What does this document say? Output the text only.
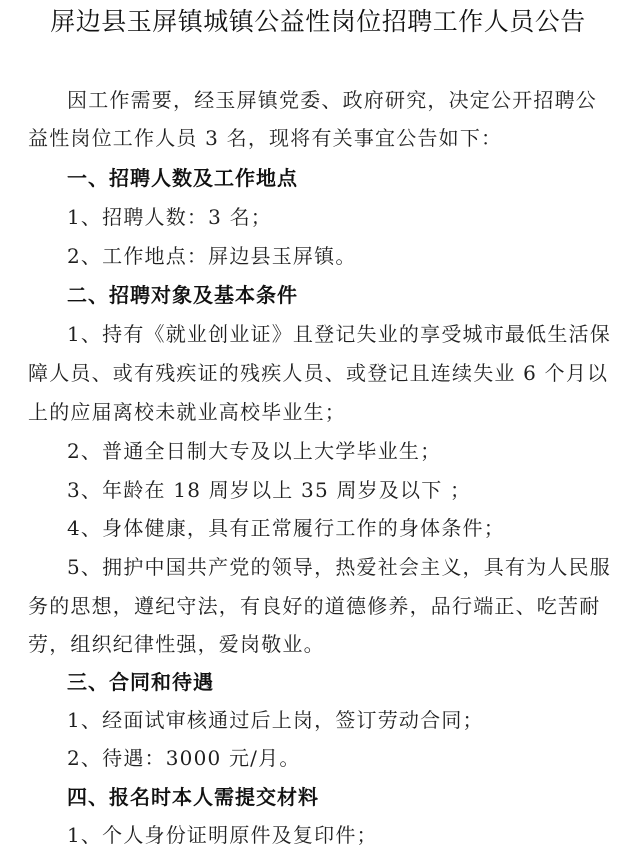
屏边县玉屏镇城镇公益性岗位招聘工作人员公告
因工作需要，经玉屏镇党委、政府研究，决定公开招聘公
益性岗位工作人员 3 名，现将有关事宜公告如下：
一、招聘人数及工作地点
1、招聘人数：3 名；
2、工作地点：屏边县玉屏镇。
二、招聘对象及基本条件
1、持有《就业创业证》且登记失业的享受城市最低生活保
障人员、或有残疾证的残疾人员、或登记且连续失业 6 个月以
上的应届离校未就业高校毕业生；
2、普通全日制大专及以上大学毕业生；
3、年龄在 18 周岁以上 35 周岁及以下 ；
4、身体健康，具有正常履行工作的身体条件；
5、拥护中国共产党的领导，热爱社会主义，具有为人民服
务的思想，遵纪守法，有良好的道德修养，品行端正、吃苦耐
劳，组织纪律性强，爱岗敬业。
三、合同和待遇
1、经面试审核通过后上岗，签订劳动合同；
2、待遇：3000 元/月。
四、报名时本人需提交材料
1、个人身份证明原件及复印件；
